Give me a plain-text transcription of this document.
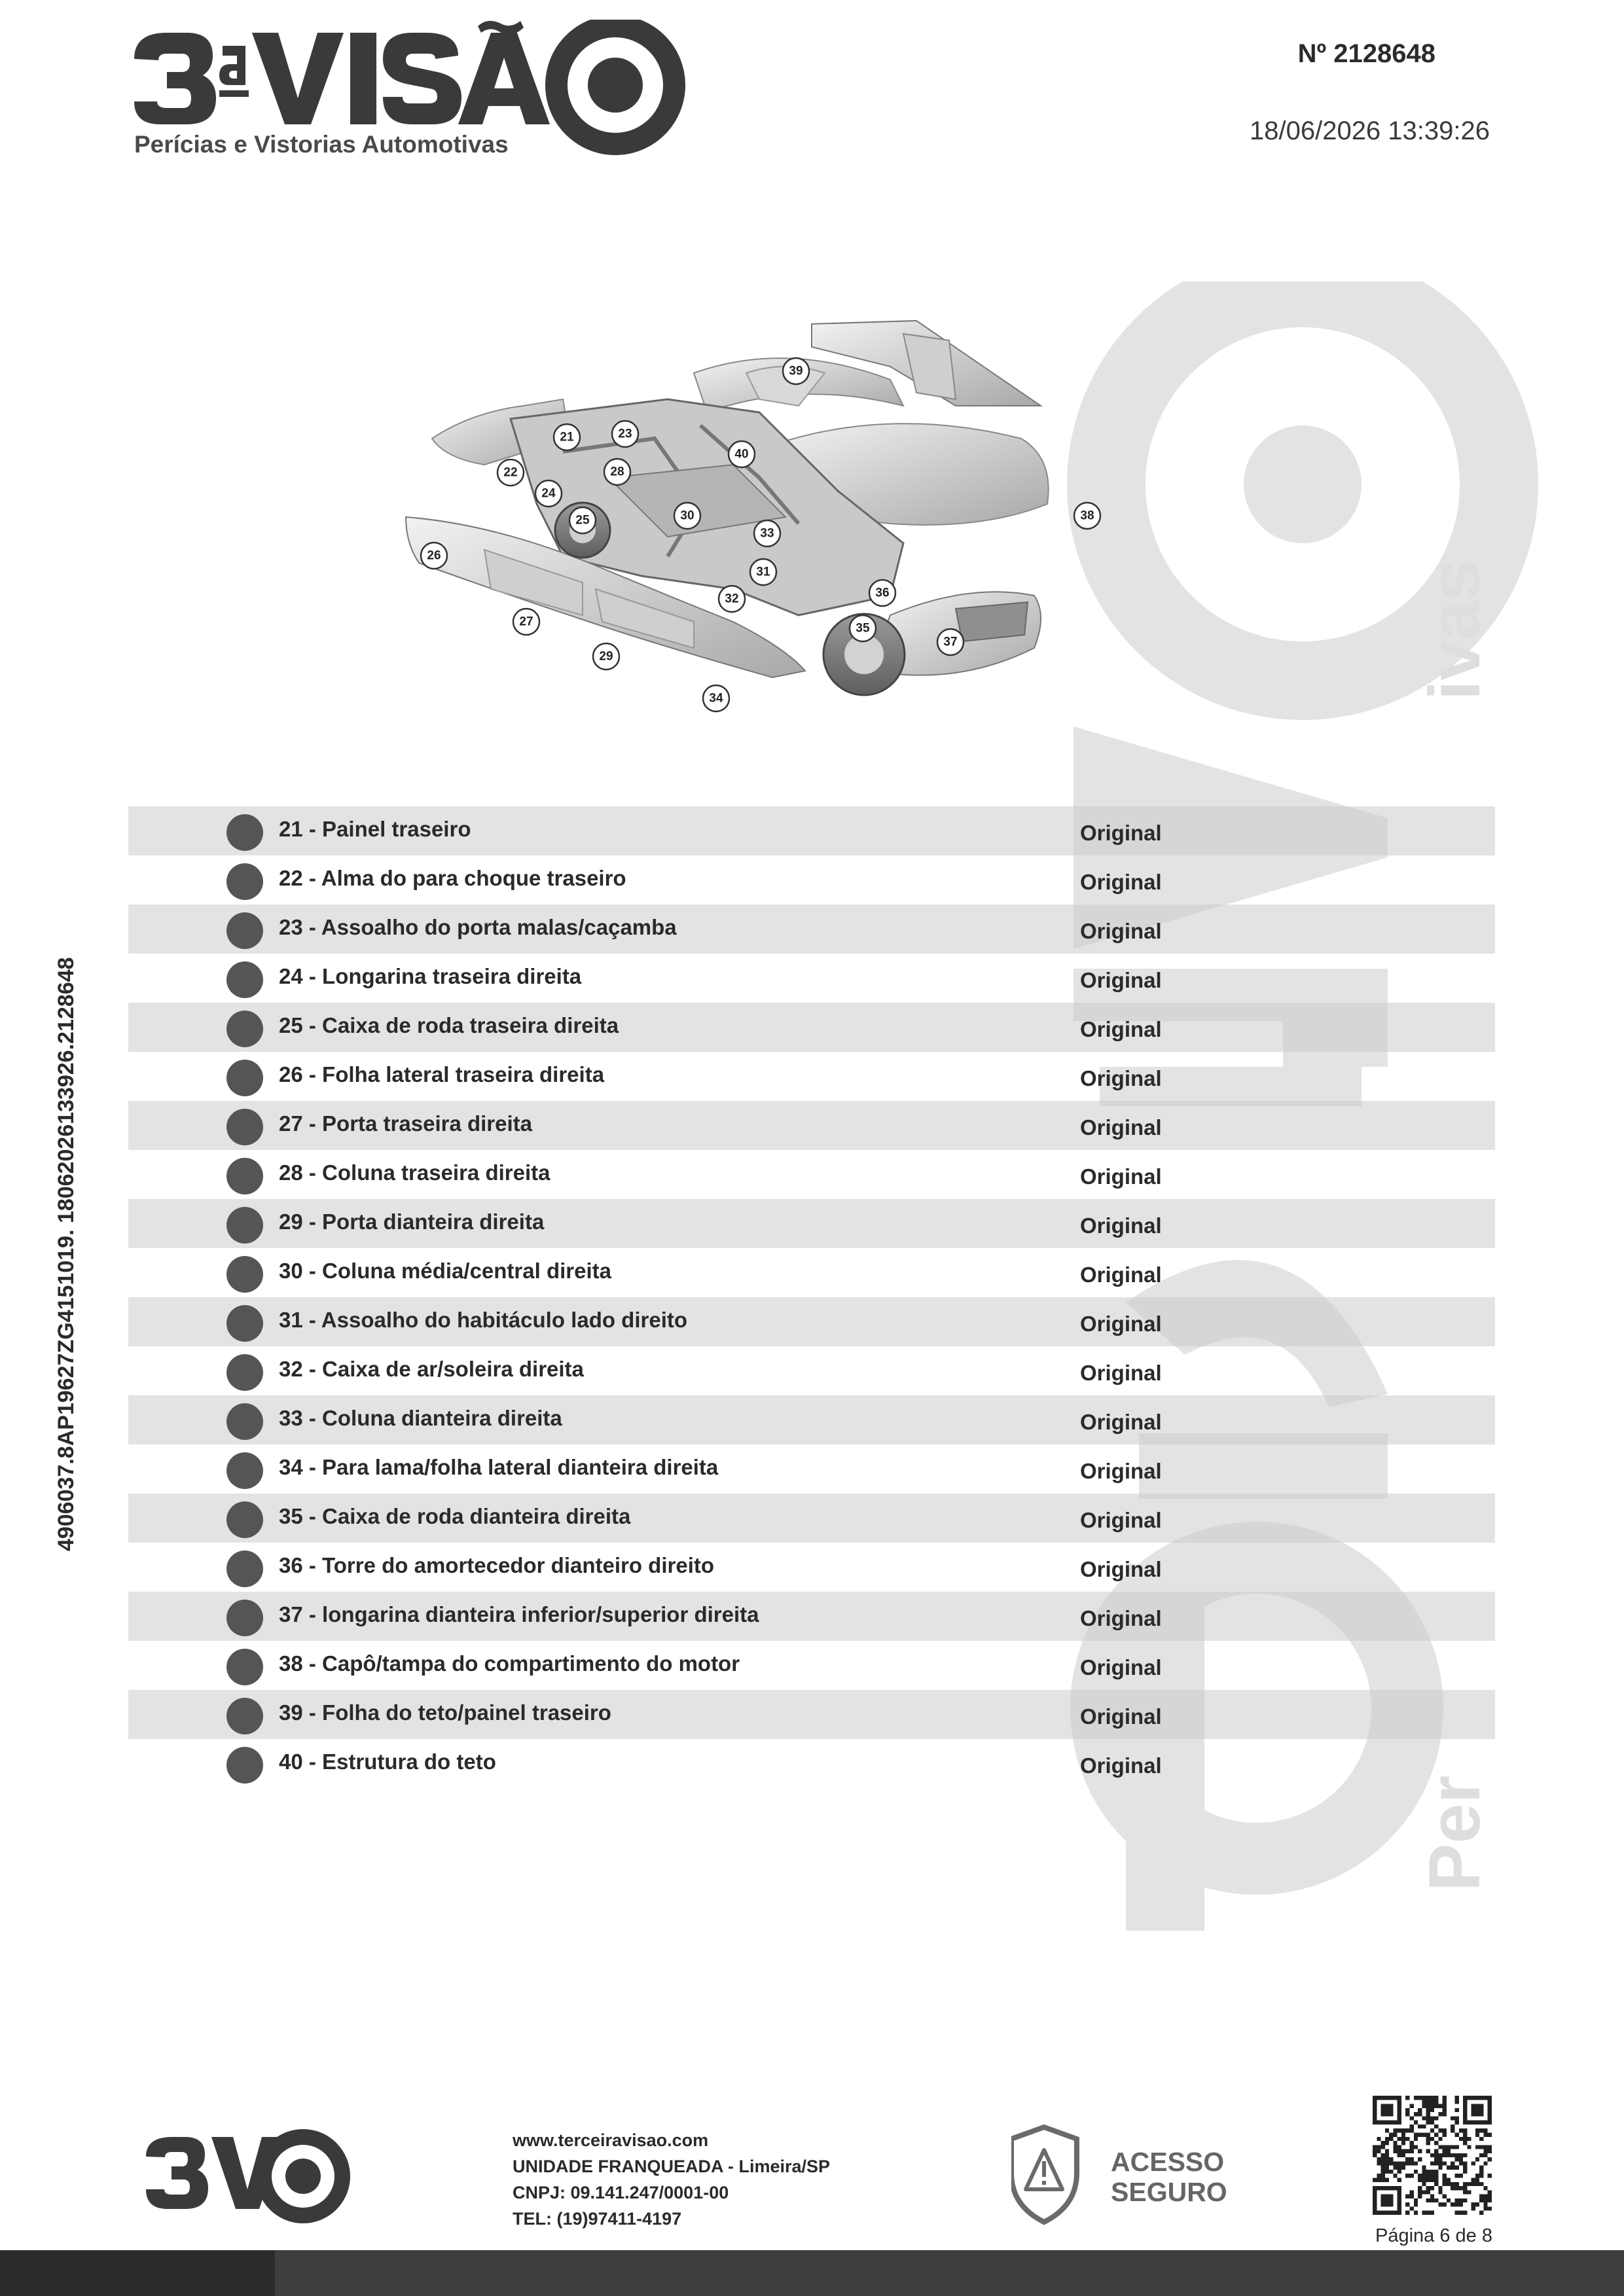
ivas
Per
Perícias e Vistorias Automotivas
Nº 2128648
18/06/2026 13:39:26
39
21	23
40
22	28
24
25	30
33
38
26
31
32	36
27	35
37
29
34
4906037.8AP19627ZG4151019. 18062026133926.2128648
21 - Painel traseiro	Original
22 - Alma do para choque traseiro	Original
23 - Assoalho do porta malas/caçamba	Original
24 - Longarina traseira direita	Original
25 - Caixa de roda traseira direita	Original
26 - Folha lateral traseira direita	Original
27 - Porta traseira direita	Original
28 - Coluna traseira direita	Original
29 - Porta dianteira direita	Original
30 - Coluna média/central direita	Original
31 - Assoalho do habitáculo lado direito	Original
32 - Caixa de ar/soleira direita	Original
33 - Coluna dianteira direita	Original
34 - Para lama/folha lateral dianteira direita	Original
35 - Caixa de roda dianteira direita	Original
36 - Torre do amortecedor dianteiro direito	Original
37 - longarina dianteira inferior/superior direita	Original
38 - Capô/tampa do compartimento do motor	Original
39 - Folha do teto/painel traseiro	Original
40 - Estrutura do teto	Original
www.terceiravisao.com
UNIDADE FRANQUEADA - Limeira/SP
CNPJ: 09.141.247/0001-00
TEL: (19)97411-4197
ACESSO
SEGURO
Página 6 de 8
